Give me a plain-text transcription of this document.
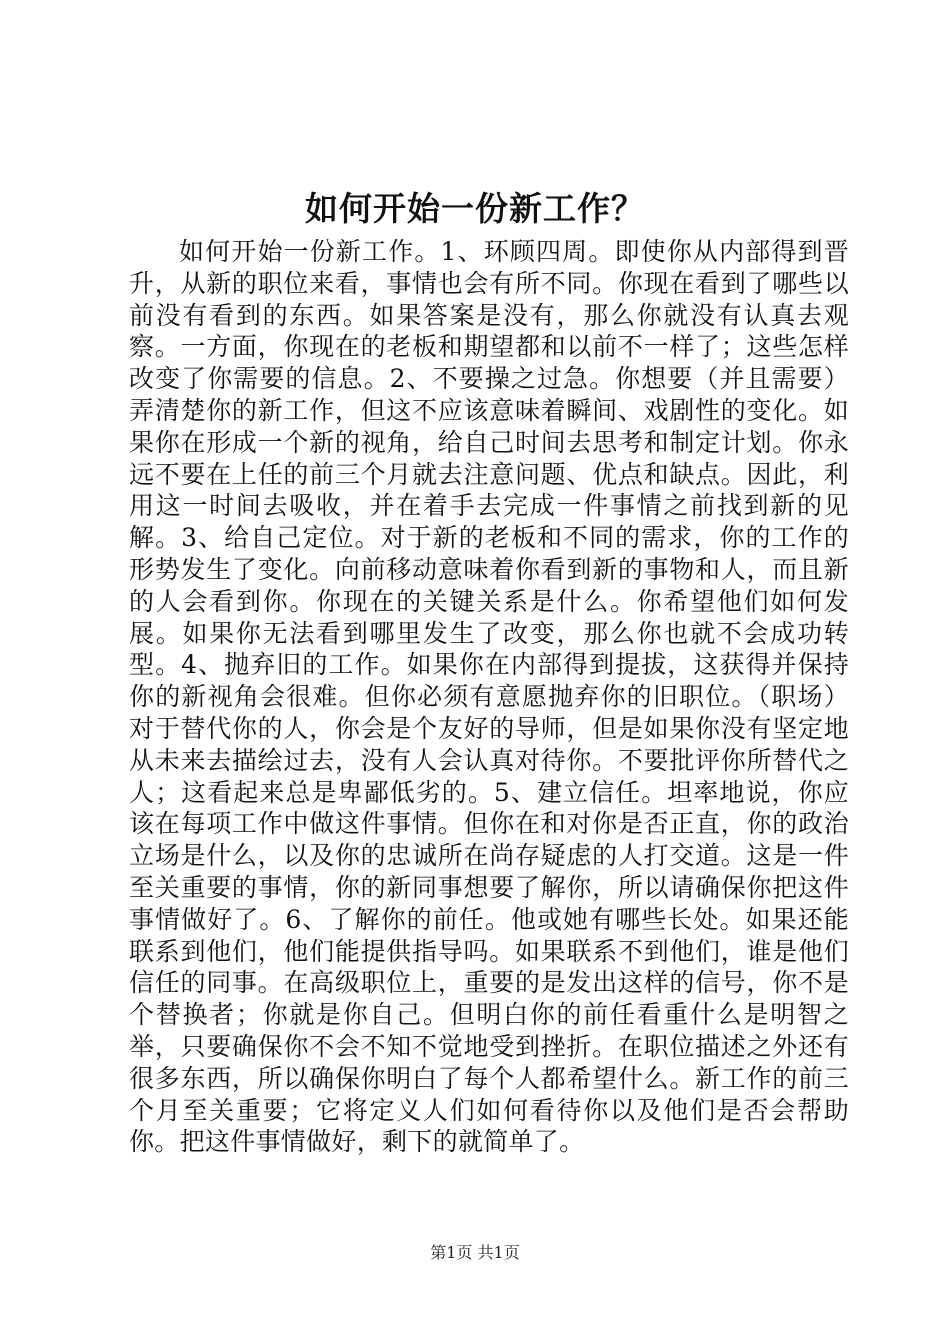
如何开始一份新工作？

如何开始一份新工作。1、环顾四周。即使你从内部得到晋升，从新的职位来看，事情也会有所不同。你现在看到了哪些以前没有看到的东西。如果答案是没有，那么你就没有认真去观察。一方面，你现在的老板和期望都和以前不一样了；这些怎样改变了你需要的信息。2、不要操之过急。你想要（并且需要）弄清楚你的新工作，但这不应该意味着瞬间、戏剧性的变化。如果你在形成一个新的视角，给自己时间去思考和制定计划。你永远不要在上任的前三个月就去注意问题、优点和缺点。因此，利用这一时间去吸收，并在着手去完成一件事情之前找到新的见解。3、给自己定位。对于新的老板和不同的需求，你的工作的形势发生了变化。向前移动意味着你看到新的事物和人，而且新的人会看到你。你现在的关键关系是什么。你希望他们如何发展。如果你无法看到哪里发生了改变，那么你也就不会成功转型。4、抛弃旧的工作。如果你在内部得到提拔，这获得并保持你的新视角会很难。但你必须有意愿抛弃你的旧职位。（职场）对于替代你的人，你会是个友好的导师，但是如果你没有坚定地从未来去描绘过去，没有人会认真对待你。不要批评你所替代之人；这看起来总是卑鄙低劣的。5、建立信任。坦率地说，你应该在每项工作中做这件事情。但你在和对你是否正直，你的政治立场是什么，以及你的忠诚所在尚存疑虑的人打交道。这是一件至关重要的事情，你的新同事想要了解你，所以请确保你把这件事情做好了。6、了解你的前任。他或她有哪些长处。如果还能联系到他们，他们能提供指导吗。如果联系不到他们，谁是他们信任的同事。在高级职位上，重要的是发出这样的信号，你不是个替换者；你就是你自己。但明白你的前任看重什么是明智之举，只要确保你不会不知不觉地受到挫折。在职位描述之外还有很多东西，所以确保你明白了每个人都希望什么。新工作的前三个月至关重要；它将定义人们如何看待你以及他们是否会帮助你。把这件事情做好，剩下的就简单了。

第1页 共1页
